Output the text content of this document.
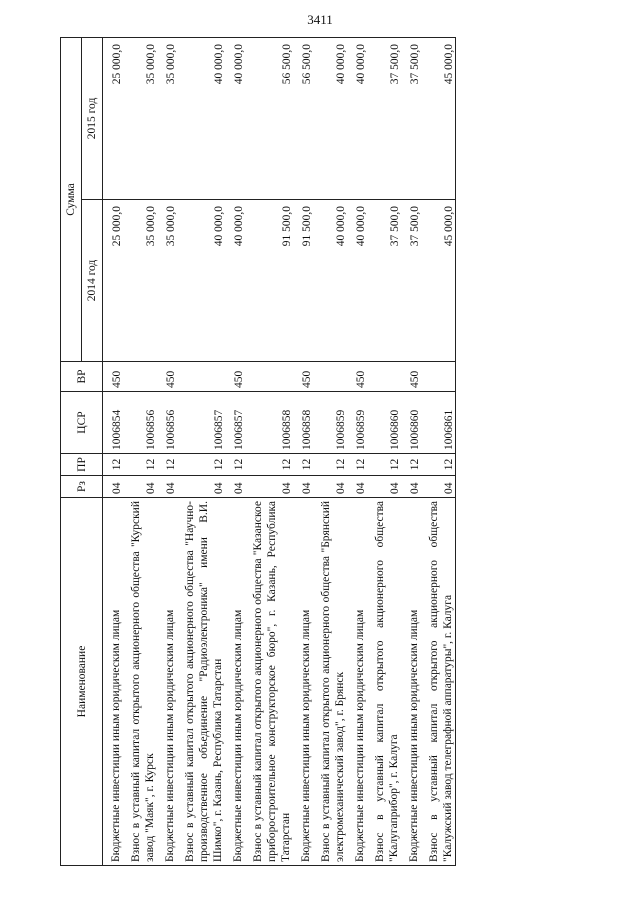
3411
Наименование	Рз	ПР	ЦСР	ВР	Сумма	
					2014 год	2015 год
Бюджетные инвестиции иным юридическим лицам	04	12	1006854	450	25 000,0	25 000,0
Взнос в уставный капитал открытого акционерного общества "Курский завод "Маяк", г. Курск	04	12	1006856		35 000,0	35 000,0
Бюджетные инвестиции иным юридическим лицам	04	12	1006856	450	35 000,0	35 000,0
Взнос в уставный капитал открытого акционерного общества "Научно-производственное объединение "Радиоэлектроника" имени В.И. Шимко", г. Казань, Республика Татарстан	04	12	1006857		40 000,0	40 000,0
Бюджетные инвестиции иным юридическим лицам	04	12	1006857	450	40 000,0	40 000,0
Взнос в уставный капитал открытого акционерного общества "Казанское приборостроительное конструкторское бюро", г. Казань, Республика Татарстан	04	12	1006858		91 500,0	56 500,0
Бюджетные инвестиции иным юридическим лицам	04	12	1006858	450	91 500,0	56 500,0
Взнос в уставный капитал открытого акционерного общества "Брянский электромеханический завод", г. Брянск	04	12	1006859		40 000,0	40 000,0
Бюджетные инвестиции иным юридическим лицам	04	12	1006859	450	40 000,0	40 000,0
Взнос в уставный капитал открытого акционерного общества "Калугаприбор", г. Калуга	04	12	1006860		37 500,0	37 500,0
Бюджетные инвестиции иным юридическим лицам	04	12	1006860	450	37 500,0	37 500,0
Взнос в уставный капитал открытого акционерного общества "Калужский завод телеграфной аппаратуры", г. Калуга	04	12	1006861		45 000,0	45 000,0
